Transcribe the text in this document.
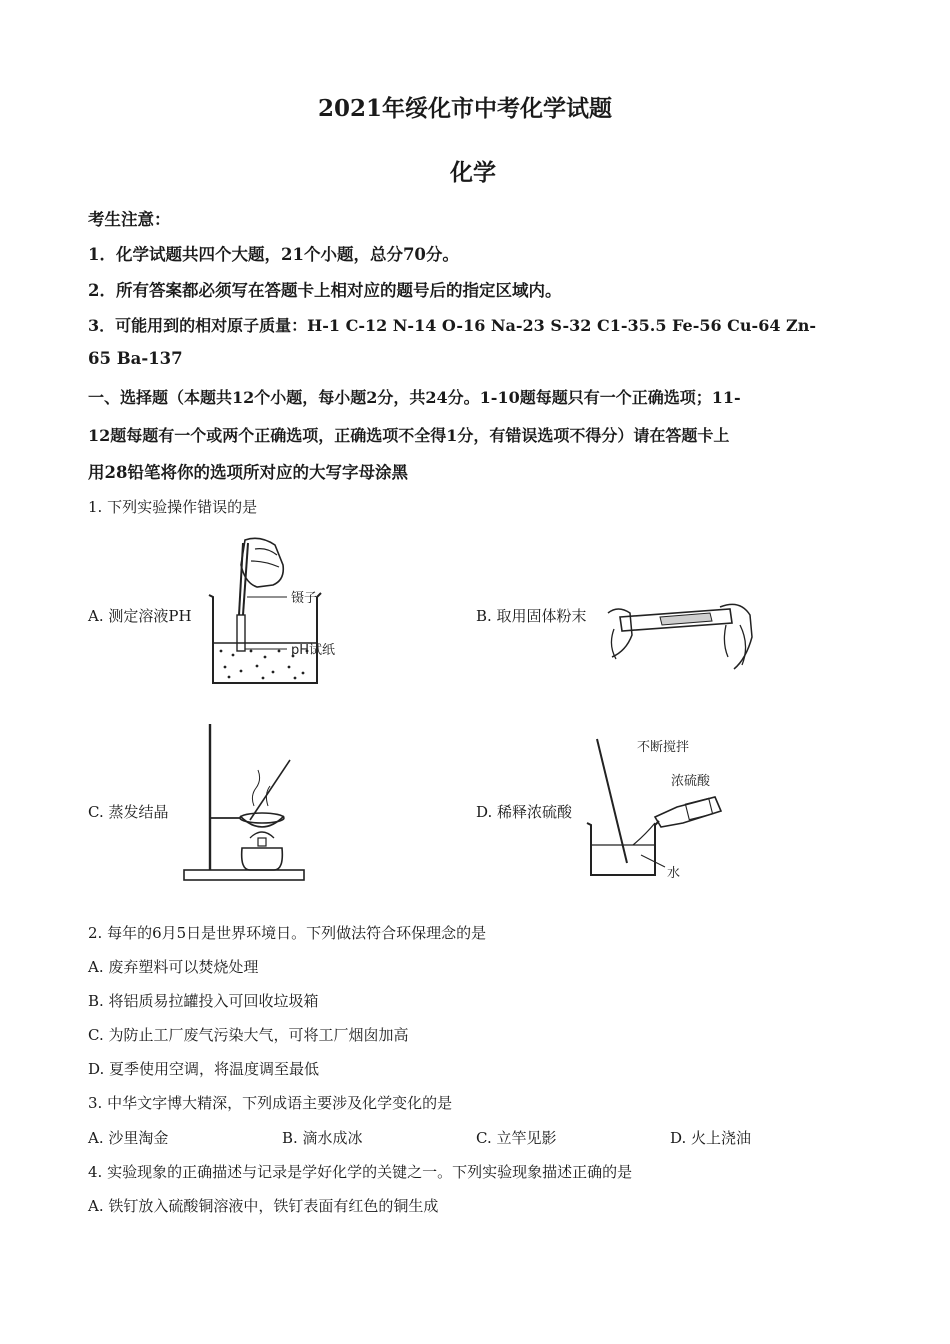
2021年绥化市中考化学试题
化学
考生注意：
1．化学试题共四个大题，21个小题，总分70分。
2．所有答案都必须写在答题卡上相对应的题号后的指定区域内。
3．可能用到的相对原子质量：H-1 C-12 N-14 O-16 Na-23 S-32 C1-35.5 Fe-56 Cu-64 Zn-
65 Ba-137
一、选择题（本题共12个小题，每小题2分，共24分。1-10题每题只有一个正确选项；11-
12题每题有一个或两个正确选项，正确选项不全得1分，有错误选项不得分）请在答题卡上
用28铅笔将你的选项所对应的大写字母涂黑
1. 下列实验操作错误的是
A. 测定溶液PH	B. 取用固体粉末
C. 蒸发结晶	D. 稀释浓硫酸
镊子
pH试纸
不断搅拌
浓硫酸
水
2. 每年的6月5日是世界环境日。下列做法符合环保理念的是
A. 废弃塑料可以焚烧处理
B. 将铝质易拉罐投入可回收垃圾箱
C. 为防止工厂废气污染大气，可将工厂烟囱加高
D. 夏季使用空调，将温度调至最低
3. 中华文字博大精深，下列成语主要涉及化学变化的是
A. 沙里淘金	B. 滴水成冰	C. 立竿见影	D. 火上浇油
4. 实验现象的正确描述与记录是学好化学的关键之一。下列实验现象描述正确的是
A. 铁钉放入硫酸铜溶液中，铁钉表面有红色的铜生成
